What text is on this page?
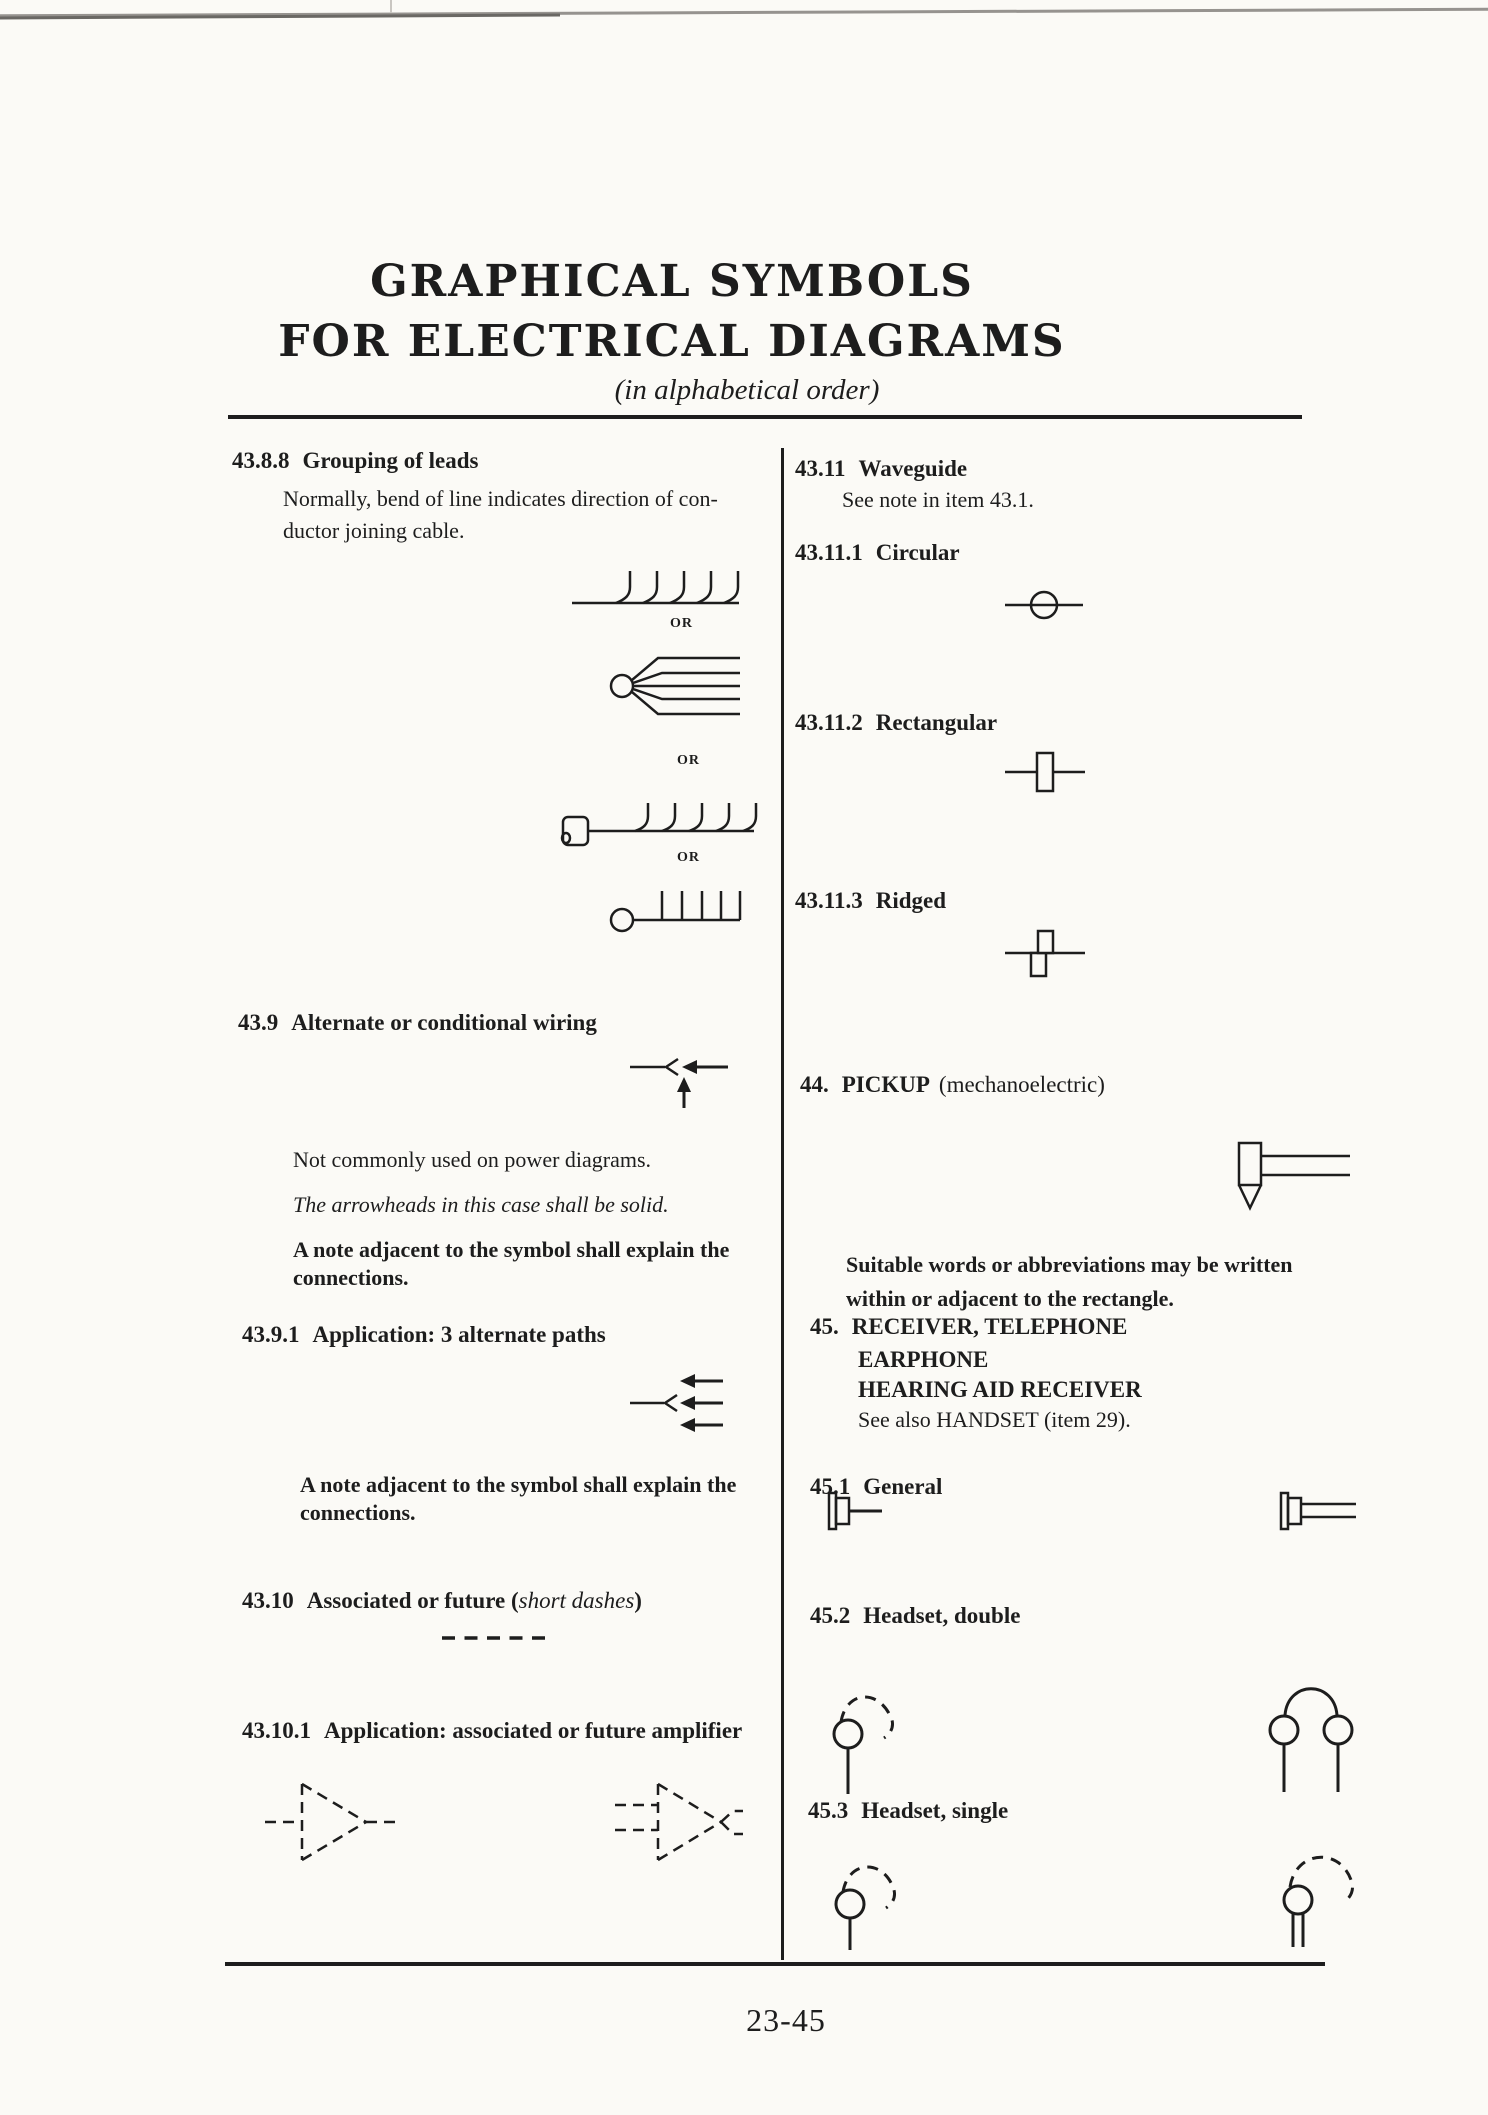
GRAPHICAL SYMBOLS
FOR ELECTRICAL DIAGRAMS
(in alphabetical order)
43.8.8 Grouping of leads
Normally, bend of line indicates direction of con-
ductor joining cable.
OR
OR
OR
43.9 Alternate or conditional wiring
Not commonly used on power diagrams.
The arrowheads in this case shall be solid.
A note adjacent to the symbol shall explain the
connections.
43.9.1 Application: 3 alternate paths
A note adjacent to the symbol shall explain the
connections.
43.10 Associated or future (short dashes)
43.10.1 Application: associated or future amplifier
43.11 Waveguide
See note in item 43.1.
43.11.1 Circular
43.11.2 Rectangular
43.11.3 Ridged
44. PICKUP (mechanoelectric)
Suitable words or abbreviations may be written
within or adjacent to the rectangle.
45. RECEIVER, TELEPHONE
EARPHONE
HEARING AID RECEIVER
See also HANDSET (item 29).
45.1 General
45.2 Headset, double
45.3 Headset, single
23-45
